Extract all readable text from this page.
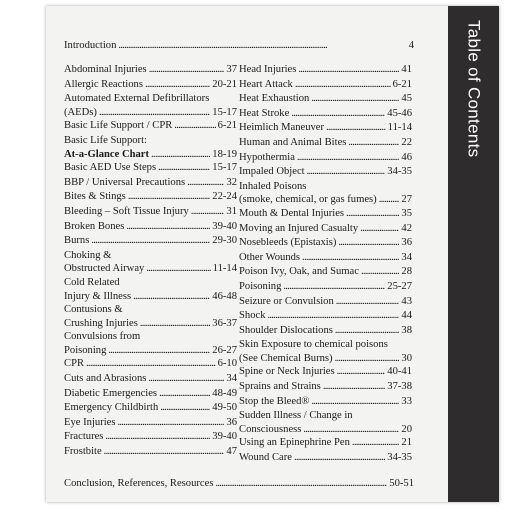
Table of Contents
Introduction . . .	4
Abdominal Injuries . . .	37
Allergic Reactions . . .	20-21
Automated External Defibrillators
(AEDs) . . .	15-17
Basic Life Support / CPR . . .	6-21
Basic Life Support:
At-a-Glance Chart . . .	18-19
Basic AED Use Steps . . .	15-17
BBP / Universal Precautions . . .	32
Bites & Stings . . .	22-24
Bleeding – Soft Tissue Injury . . .	31
Broken Bones . . .	39-40
Burns . . .	29-30
Choking &
Obstructed Airway . . .	11-14
Cold Related
Injury & Illness . . .	46-48
Contusions &
Crushing Injuries . . .	36-37
Convulsions from
Poisoning . . .	26-27
CPR . . .	6-10
Cuts and Abrasions . . .	34
Diabetic Emergencies . . .	48-49
Emergency Childbirth . . .	49-50
Eye Injuries . . .	36
Fractures . . .	39-40
Frostbite . . .	47
Head Injuries . . .	41
Heart Attack . . .	6-21
Heat Exhaustion . . .	45
Heat Stroke . . .	45-46
Heimlich Maneuver . . .	11-14
Human and Animal Bites . . .	22
Hypothermia . . .	46
Impaled Object . . .	34-35
Inhaled Poisons
(smoke, chemical, or gas fumes) . . . 27
Mouth & Dental Injuries . . .	35
Moving an Injured Casualty . . .	42
Nosebleeds (Epistaxis) . . .	36
Other Wounds . . .	34
Poison Ivy, Oak, and Sumac . . .	28
Poisoning . . .	25-27
Seizure or Convulsion . . .	43
Shock . . .	44
Shoulder Dislocations . . .	38
Skin Exposure to chemical poisons
(See Chemical Burns) . . .	30
Spine or Neck Injuries . . .	40-41
Sprains and Strains . . .	37-38
Stop the Bleed® . . .	33
Sudden Illness / Change in
Consciousness . . .	20
Using an Epinephrine Pen . . .	21
Wound Care . . .	34-35
Conclusion, References, Resources . . .	50-51
